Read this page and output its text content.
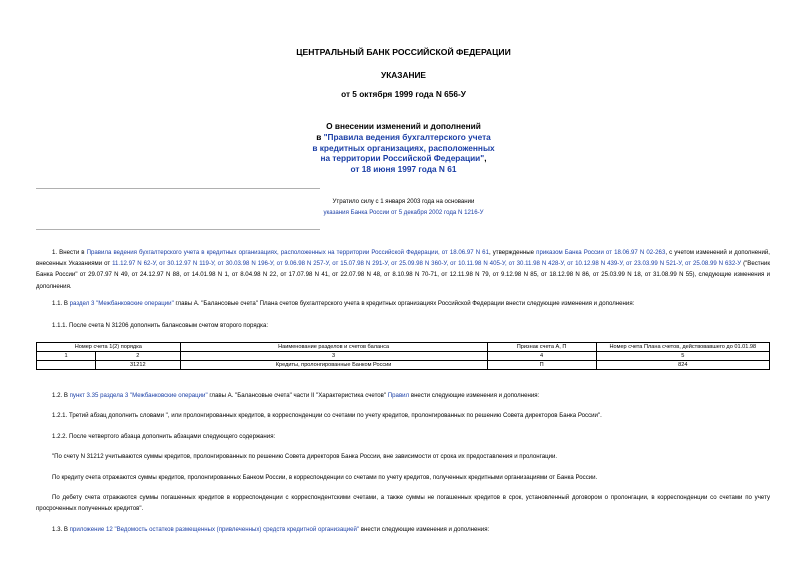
ЦЕНТРАЛЬНЫЙ БАНК РОССИЙСКОЙ ФЕДЕРАЦИИ
УКАЗАНИЕ
от 5 октября 1999 года N 656-У
О внесении изменений и дополнений
в "Правила ведения бухгалтерского учета
в кредитных организациях, расположенных
на территории Российской Федерации",
от 18 июня 1997 года N 61
Утратило силу с 1 января 2003 года на основании
указания Банка России от 5 декабря 2002 года N 1216-У
1. Внести в Правила ведения бухгалтерского учета в кредитных организациях, расположенных на территории Российской Федерации, от 18.06.97 N 61, утвержденные приказом Банка России от 18.06.97 N 02-263, с учетом изменений и дополнений, внесенных Указаниями от 11.12.97 N 62-У, от 30.12.97 N 119-У, от 30.03.98 N 196-У, от 9.06.98 N 257-У, от 15.07.98 N 291-У, от 25.09.98 N 360-У, от 10.11.98 N 405-У, от 30.11.98 N 428-У, от 10.12.98 N 439-У, от 23.03.99 N 521-У, от 25.08.99 N 632-У ("Вестник Банка России" от 29.07.97 N 49, от 24.12.97 N 88, от 14.01.98 N 1, от 8.04.98 N 22, от 17.07.98 N 41, от 22.07.98 N 48, от 8.10.98 N 70-71, от 12.11.98 N 79, от 9.12.98 N 85, от 18.12.98 N 86, от 25.03.99 N 18, от 31.08.99 N 55), следующие изменения и дополнения.
1.1. В раздел 3 "Межбанковские операции" главы А. "Балансовые счета" Плана счетов бухгалтерского учета в кредитных организациях Российской Федерации внести следующие изменения и дополнения:
1.1.1. После счета N 31206 дополнить балансовым счетом второго порядка:
Номер счета 1(2) порядка		Наименование разделов и счетов баланса	Признак счета А, П	Номер счета Плана счетов, действовавшего до 01.01.98
1	2	3	4	5
	31212	Кредиты, пролонгированные Банком России	П	824
1.2. В пункт 3.35 раздела 3 "Межбанковские операции" главы А. "Балансовые счета" части II "Характеристика счетов" Правил внести следующие изменения и дополнения:
1.2.1. Третий абзац дополнить словами ", или пролонгированных кредитов, в корреспонденции со счетами по учету кредитов, пролонгированных по решению Совета директоров Банка России".
1.2.2. После четвертого абзаца дополнить абзацами следующего содержания:
"По счету N 31212 учитываются суммы кредитов, пролонгированных по решению Совета директоров Банка России, вне зависимости от срока их предоставления и пролонгации.
По кредиту счета отражаются суммы кредитов, пролонгированных Банком России, в корреспонденции со счетами по учету кредитов, полученных кредитными организациями от Банка России.
По дебету счета отражаются суммы погашенных кредитов в корреспонденции с корреспондентскими счетами, а также суммы не погашенных кредитов в срок, установленный договором о пролонгации, в корреспонденции со счетами по учету просроченных полученных кредитов".
1.3. В приложение 12 "Ведомость остатков размещенных (привлеченных) средств кредитной организацией" внести следующие изменения и дополнения:
